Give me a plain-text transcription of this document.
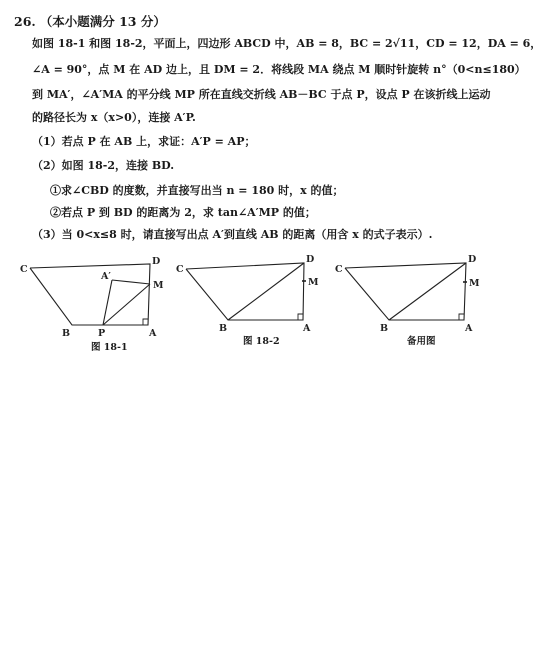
26. （本小题满分 13 分）
如图 18-1 和图 18-2，平面上，四边形 ABCD 中，AB = 8，BC = 2√11，CD = 12，DA = 6，
∠A = 90°，点 M 在 AD 边上，且 DM = 2．将线段 MA 绕点 M 顺时针旋转 n°（0<n≤180）
到 MA′，∠A′MA 的平分线 MP 所在直线交折线 AB－BC 于点 P，设点 P 在该折线上运动
的路径长为 x（x>0），连接 A′P.
（1）若点 P 在 AB 上，求证：A′P = AP；
（2）如图 18-2，连接 BD.
①求∠CBD 的度数，并直接写出当 n = 180 时，x 的值；
②若点 P 到 BD 的距离为 2，求 tan∠A′MP 的值；
（3）当 0<x≤8 时，请直接写出点 A′到直线 AB 的距离（用含 x 的式子表示）.
C
D
A′
M
B	P	A
C
D
M
B	A
C
D
M
B	A
图 18-1
图 18-2	备用图
